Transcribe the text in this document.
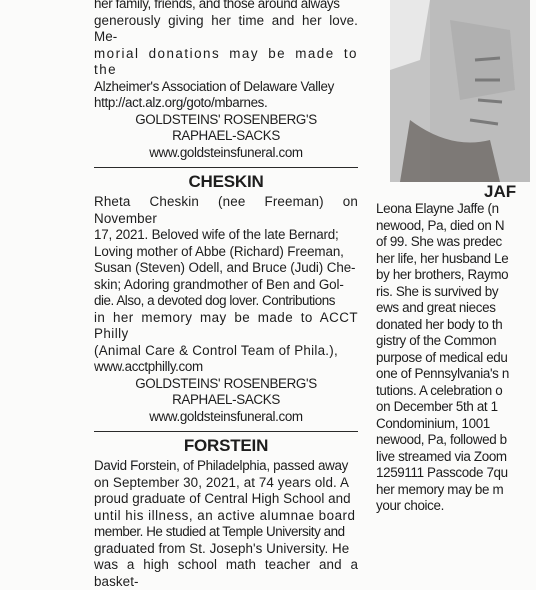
JAF

her family, friends, and those around always

generously giving her time and her love. Me-

morial donations may be made to the

Alzheimer's Association of Delaware Valley

http://act.alz.org/goto/mbarnes.

GOLDSTEINS' ROSENBERG'S

RAPHAEL-SACKS

www.goldsteinsfuneral.com

CHESKIN

Rheta Cheskin (nee Freeman) on November

17, 2021. Beloved wife of the late Bernard;

Loving mother of Abbe (Richard) Freeman,

Susan (Steven) Odell, and Bruce (Judi) Che-

skin; Adoring grandmother of Ben and Gol-

die. Also, a devoted dog lover. Contributions

in her memory may be made to ACCT Philly

(Animal Care & Control Team of Phila.),

www.acctphilly.com

GOLDSTEINS' ROSENBERG'S

RAPHAEL-SACKS

www.goldsteinsfuneral.com

FORSTEIN

David Forstein, of Philadelphia, passed away

on September 30, 2021, at 74 years old. A

proud graduate of Central High School and

until his illness, an active alumnae board

member. He studied at Temple University and

graduated from St. Joseph's University. He

was a high school math teacher and a basket-

Leona Elayne Jaffe (n

newood, Pa, died on N

of 99. She was predec

her life, her husband Le

by her brothers, Raymo

ris. She is survived by

ews and great nieces

donated her body to th

gistry of the Common

purpose of medical edu

one of Pennsylvania's n

tutions. A celebration o

on December 5th at 1

Condominium, 1001

newood, Pa, followed b

live streamed via Zoom

1259111 Passcode 7qu

her memory may be m

your choice.
